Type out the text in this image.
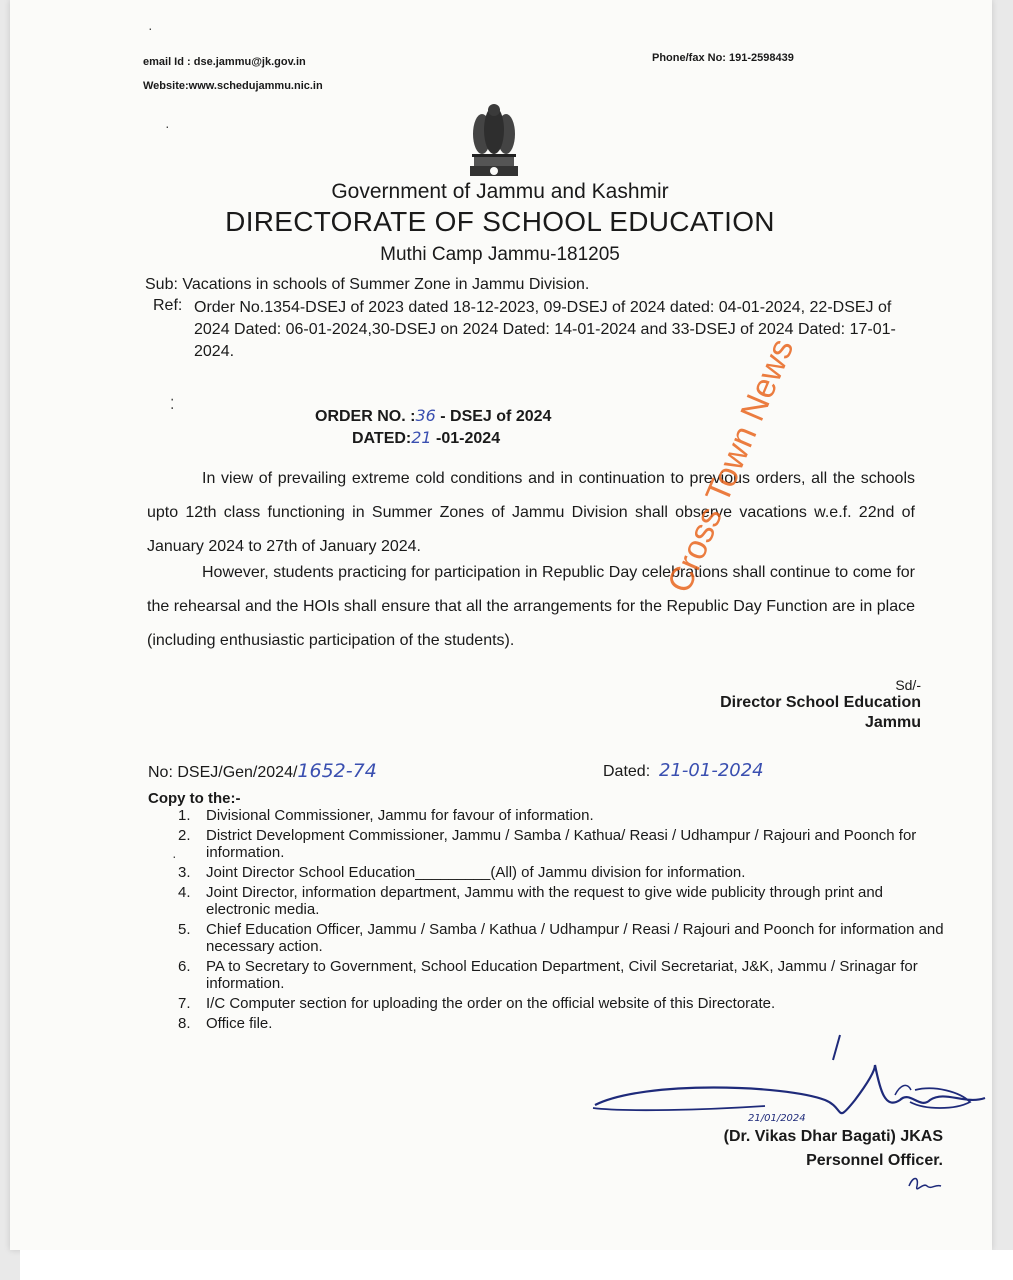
email Id : dse.jammu@jk.gov.in
Website:www.schedujammu.nic.in
Phone/fax No: 191-2598439
Government of Jammu and Kashmir
DIRECTORATE OF SCHOOL EDUCATION
Muthi Camp Jammu-181205
Sub: Vacations in schools of Summer Zone in Jammu Division.
Ref: Order No.1354-DSEJ of 2023 dated 18-12-2023, 09-DSEJ of 2024 dated: 04-01-2024, 22-DSEJ of 2024 Dated: 06-01-2024,30-DSEJ on 2024 Dated: 14-01-2024 and 33-DSEJ of 2024 Dated: 17-01-2024.
ORDER NO. :36 - DSEJ of 2024
DATED:21 -01-2024
In view of prevailing extreme cold conditions and in continuation to previous orders, all the schools upto 12th class functioning in Summer Zones of Jammu Division shall observe vacations w.e.f. 22nd of January 2024 to 27th of January 2024.
However, students practicing for participation in Republic Day celebrations shall continue to come for the rehearsal and the HOIs shall ensure that all the arrangements for the Republic Day Function are in place (including enthusiastic participation of the students).
Sd/-
Director School Education
Jammu
No: DSEJ/Gen/2024/1652-74	Dated: 21-01-2024
Copy to the:-
1.	Divisional Commissioner, Jammu for favour of information.
2.	District Development Commissioner, Jammu / Samba / Kathua/ Reasi / Udhampur / Rajouri and Poonch for information.
3.	Joint Director School Education_________(All) of Jammu division for information.
4.	Joint Director, information department, Jammu with the request to give wide publicity through print and electronic media.
5.	Chief Education Officer, Jammu / Samba / Kathua / Udhampur / Reasi / Rajouri and Poonch for information and necessary action.
6.	PA to Secretary to Government, School Education Department, Civil Secretariat, J&K, Jammu / Srinagar for information.
7.	I/C Computer section for uploading the order on the official website of this Directorate.
8.	Office file.
21/01/2024
(Dr. Vikas Dhar Bagati) JKAS
Personnel Officer.
·
·
⁚
·
Cross Town News
